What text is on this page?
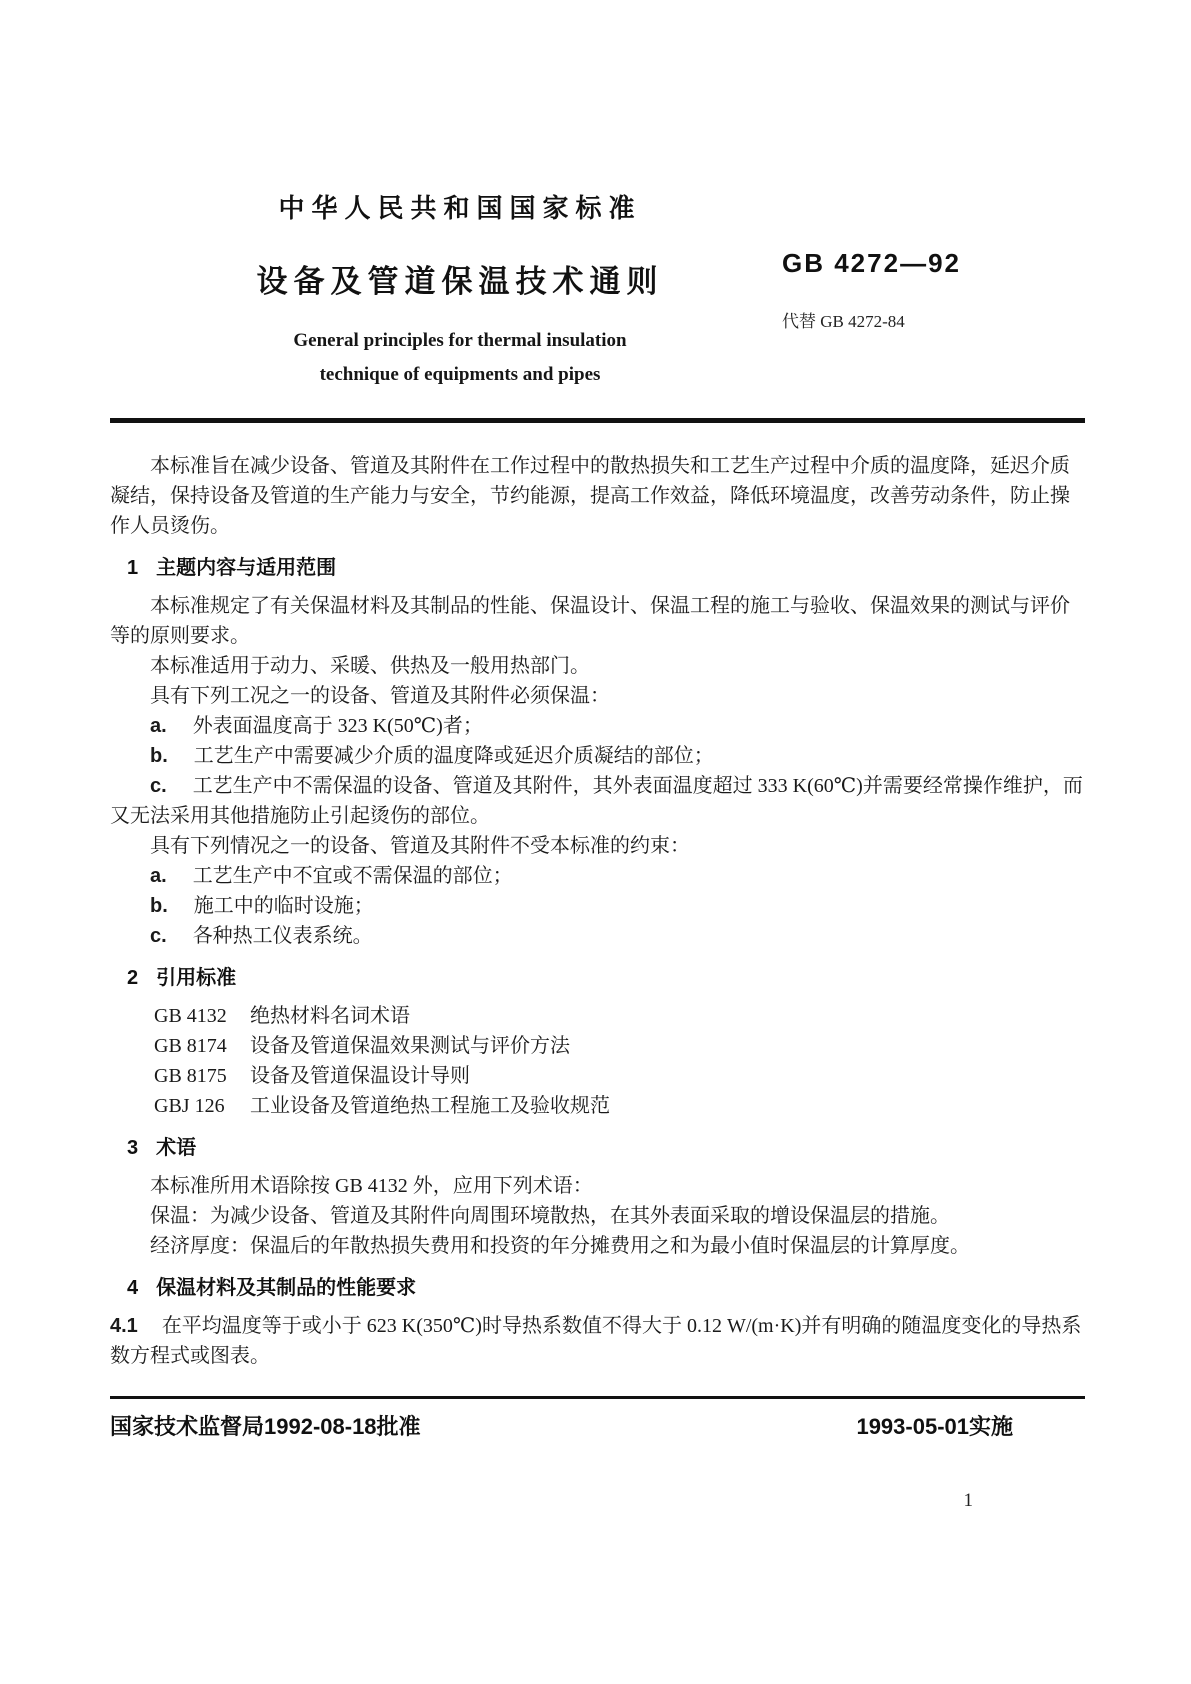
中华人民共和国国家标准
设备及管道保温技术通则
General principles for thermal insulation
technique of equipments and pipes
GB 4272—92
代替 GB 4272-84

本标准旨在减少设备、管道及其附件在工作过程中的散热损失和工艺生产过程中介质的温度降，延迟介质凝结，保持设备及管道的生产能力与安全，节约能源，提高工作效益，降低环境温度，改善劳动条件，防止操作人员烫伤。

1 主题内容与适用范围

本标准规定了有关保温材料及其制品的性能、保温设计、保温工程的施工与验收、保温效果的测试与评价等的原则要求。

本标准适用于动力、采暖、供热及一般用热部门。

具有下列工况之一的设备、管道及其附件必须保温：

a. 外表面温度高于 323 K(50℃)者；

b. 工艺生产中需要减少介质的温度降或延迟介质凝结的部位；

c. 工艺生产中不需保温的设备、管道及其附件，其外表面温度超过 333 K(60℃)并需要经常操作维护，而又无法采用其他措施防止引起烫伤的部位。

具有下列情况之一的设备、管道及其附件不受本标准的约束：

a. 工艺生产中不宜或不需保温的部位；

b. 施工中的临时设施；

c. 各种热工仪表系统。

2 引用标准

GB 4132 绝热材料名词术语

GB 8174 设备及管道保温效果测试与评价方法

GB 8175 设备及管道保温设计导则

GBJ 126 工业设备及管道绝热工程施工及验收规范

3 术语

本标准所用术语除按 GB 4132 外，应用下列术语：

保温：为减少设备、管道及其附件向周围环境散热，在其外表面采取的增设保温层的措施。

经济厚度：保温后的年散热损失费用和投资的年分摊费用之和为最小值时保温层的计算厚度。

4 保温材料及其制品的性能要求

4.1 在平均温度等于或小于 623 K(350℃)时导热系数值不得大于 0.12 W/(m·K)并有明确的随温度变化的导热系数方程式或图表。

国家技术监督局1992-08-18批准	1993-05-01实施
1
